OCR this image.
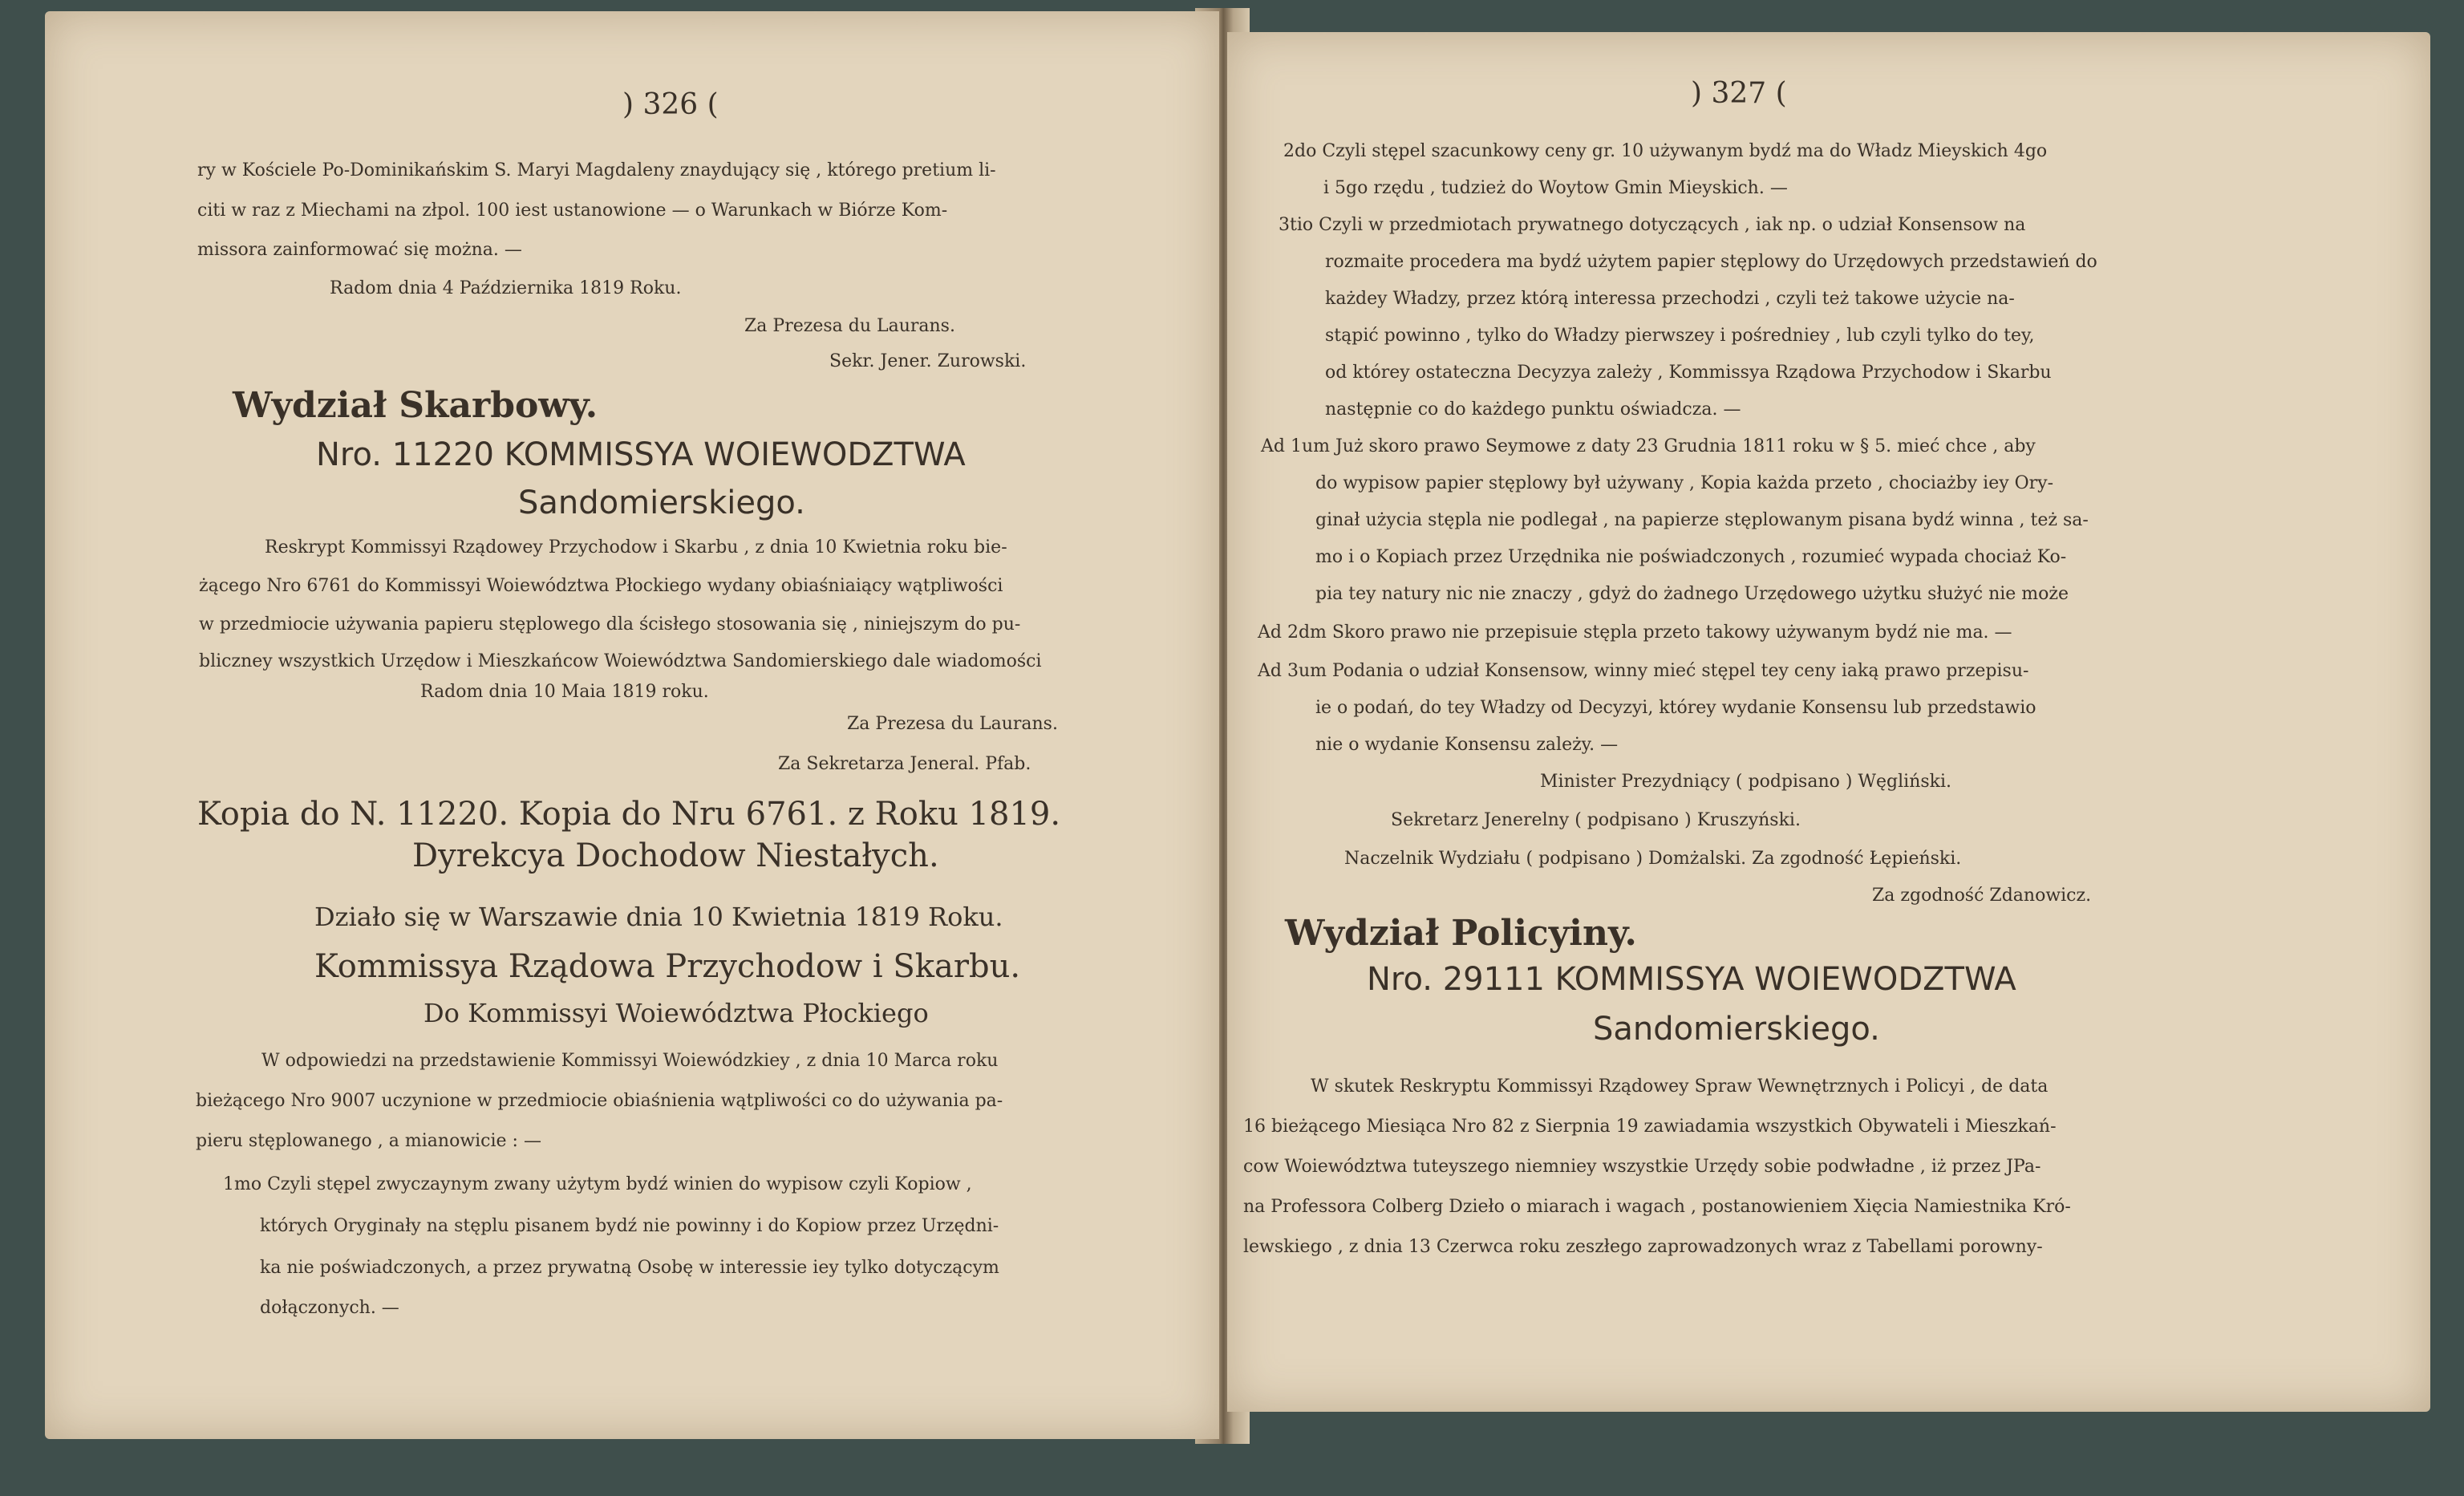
) 326 (
ry w Kościele Po-Dominikańskim S. Maryi Magdaleny znaydujący się , którego pretium li-
citi w raz z Miechami na złpol. 100 iest ustanowione — o Warunkach w Biórze Kom-
missora zainformować się można. —
Radom dnia 4 Października 1819 Roku.
Za Prezesa du Laurans.
Sekr. Jener. Zurowski.
Wydział Skarbowy.
Nro. 11220 KOMMISSYA WOIEWODZTWA
Sandomierskiego.
Reskrypt Kommissyi Rządowey Przychodow i Skarbu , z dnia 10 Kwietnia roku bie-
żącego Nro 6761 do Kommissyi Woiewództwa Płockiego wydany obiaśniaiący wątpliwości
w przedmiocie używania papieru stęplowego dla ścisłego stosowania się , niniejszym do pu-
bliczney wszystkich Urzędow i Mieszkańcow Woiewództwa Sandomierskiego dale wiadomości
Radom dnia 10 Maia 1819 roku.
Za Prezesa du Laurans.
Za Sekretarza Jeneral. Pfab.
Kopia do N. 11220. Kopia do Nru 6761. z Roku 1819.
Dyrekcya Dochodow Niestałych.
Działo się w Warszawie dnia 10 Kwietnia 1819 Roku.
Kommissya Rządowa Przychodow i Skarbu.
Do Kommissyi Woiewództwa Płockiego
W odpowiedzi na przedstawienie Kommissyi Woiewódzkiey , z dnia 10 Marca roku
bieżącego Nro 9007 uczynione w przedmiocie obiaśnienia wątpliwości co do używania pa-
pieru stęplowanego , a mianowicie : —
1mo Czyli stępel zwyczaynym zwany użytym bydź winien do wypisow czyli Kopiow ,
których Oryginały na stęplu pisanem bydź nie powinny i do Kopiow przez Urzędni-
ka nie poświadczonych, a przez prywatną Osobę w interessie iey tylko dotyczącym
dołączonych. —
) 327 (
2do Czyli stępel szacunkowy ceny gr. 10 używanym bydź ma do Władz Mieyskich 4go
i 5go rzędu , tudzież do Woytow Gmin Mieyskich. —
3tio Czyli w przedmiotach prywatnego dotyczących , iak np. o udział Konsensow na
rozmaite procedera ma bydź użytem papier stęplowy do Urzędowych przedstawień do
każdey Władzy, przez którą interessa przechodzi , czyli też takowe użycie na-
stąpić powinno , tylko do Władzy pierwszey i pośredniey , lub czyli tylko do tey,
od którey ostateczna Decyzya zależy , Kommissya Rządowa Przychodow i Skarbu
następnie co do każdego punktu oświadcza. —
Ad 1um Już skoro prawo Seymowe z daty 23 Grudnia 1811 roku w § 5. mieć chce , aby
do wypisow papier stęplowy był używany , Kopia każda przeto , chociażby iey Ory-
ginał użycia stępla nie podlegał , na papierze stęplowanym pisana bydź winna , też sa-
mo i o Kopiach przez Urzędnika nie poświadczonych , rozumieć wypada chociaż Ko-
pia tey natury nic nie znaczy , gdyż do żadnego Urzędowego użytku służyć nie może
Ad 2dm Skoro prawo nie przepisuie stępla przeto takowy używanym bydź nie ma. —
Ad 3um Podania o udział Konsensow, winny mieć stępel tey ceny iaką prawo przepisu-
ie o podań, do tey Władzy od Decyzyi, którey wydanie Konsensu lub przedstawio
nie o wydanie Konsensu zależy. —
Minister Prezydniący ( podpisano ) Węgliński.
Sekretarz Jenerelny ( podpisano ) Kruszyński.
Naczelnik Wydziału ( podpisano ) Domżalski. Za zgodność Łępieński.
Za zgodność Zdanowicz.
Wydział Policyiny.
Nro. 29111 KOMMISSYA WOIEWODZTWA
Sandomierskiego.
W skutek Reskryptu Kommissyi Rządowey Spraw Wewnętrznych i Policyi , de data
16 bieżącego Miesiąca Nro 82 z Sierpnia 19 zawiadamia wszystkich Obywateli i Mieszkań-
cow Woiewództwa tuteyszego niemniey wszystkie Urzędy sobie podwładne , iż przez JPa-
na Professora Colberg Dzieło o miarach i wagach , postanowieniem Xięcia Namiestnika Kró-
lewskiego , z dnia 13 Czerwca roku zeszłego zaprowadzonych wraz z Tabellami porowny-
